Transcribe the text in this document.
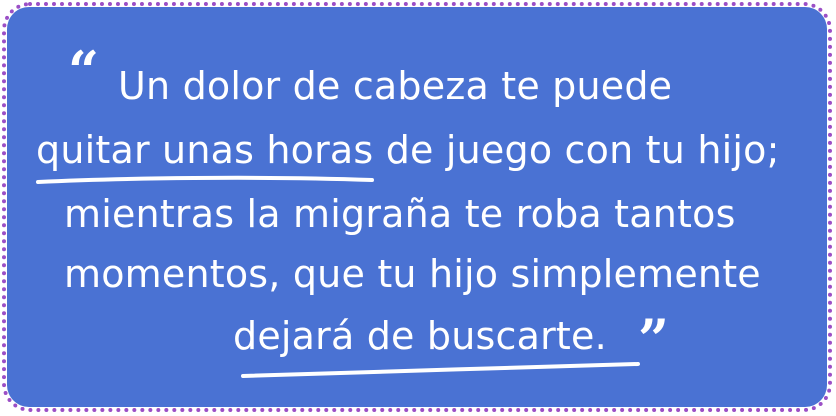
“ Un dolor de cabeza te puede
quitar unas horas de juego con tu hijo;
mientras la migraña te roba tantos
momentos, que tu hijo simplemente
dejará de buscarte. ”
